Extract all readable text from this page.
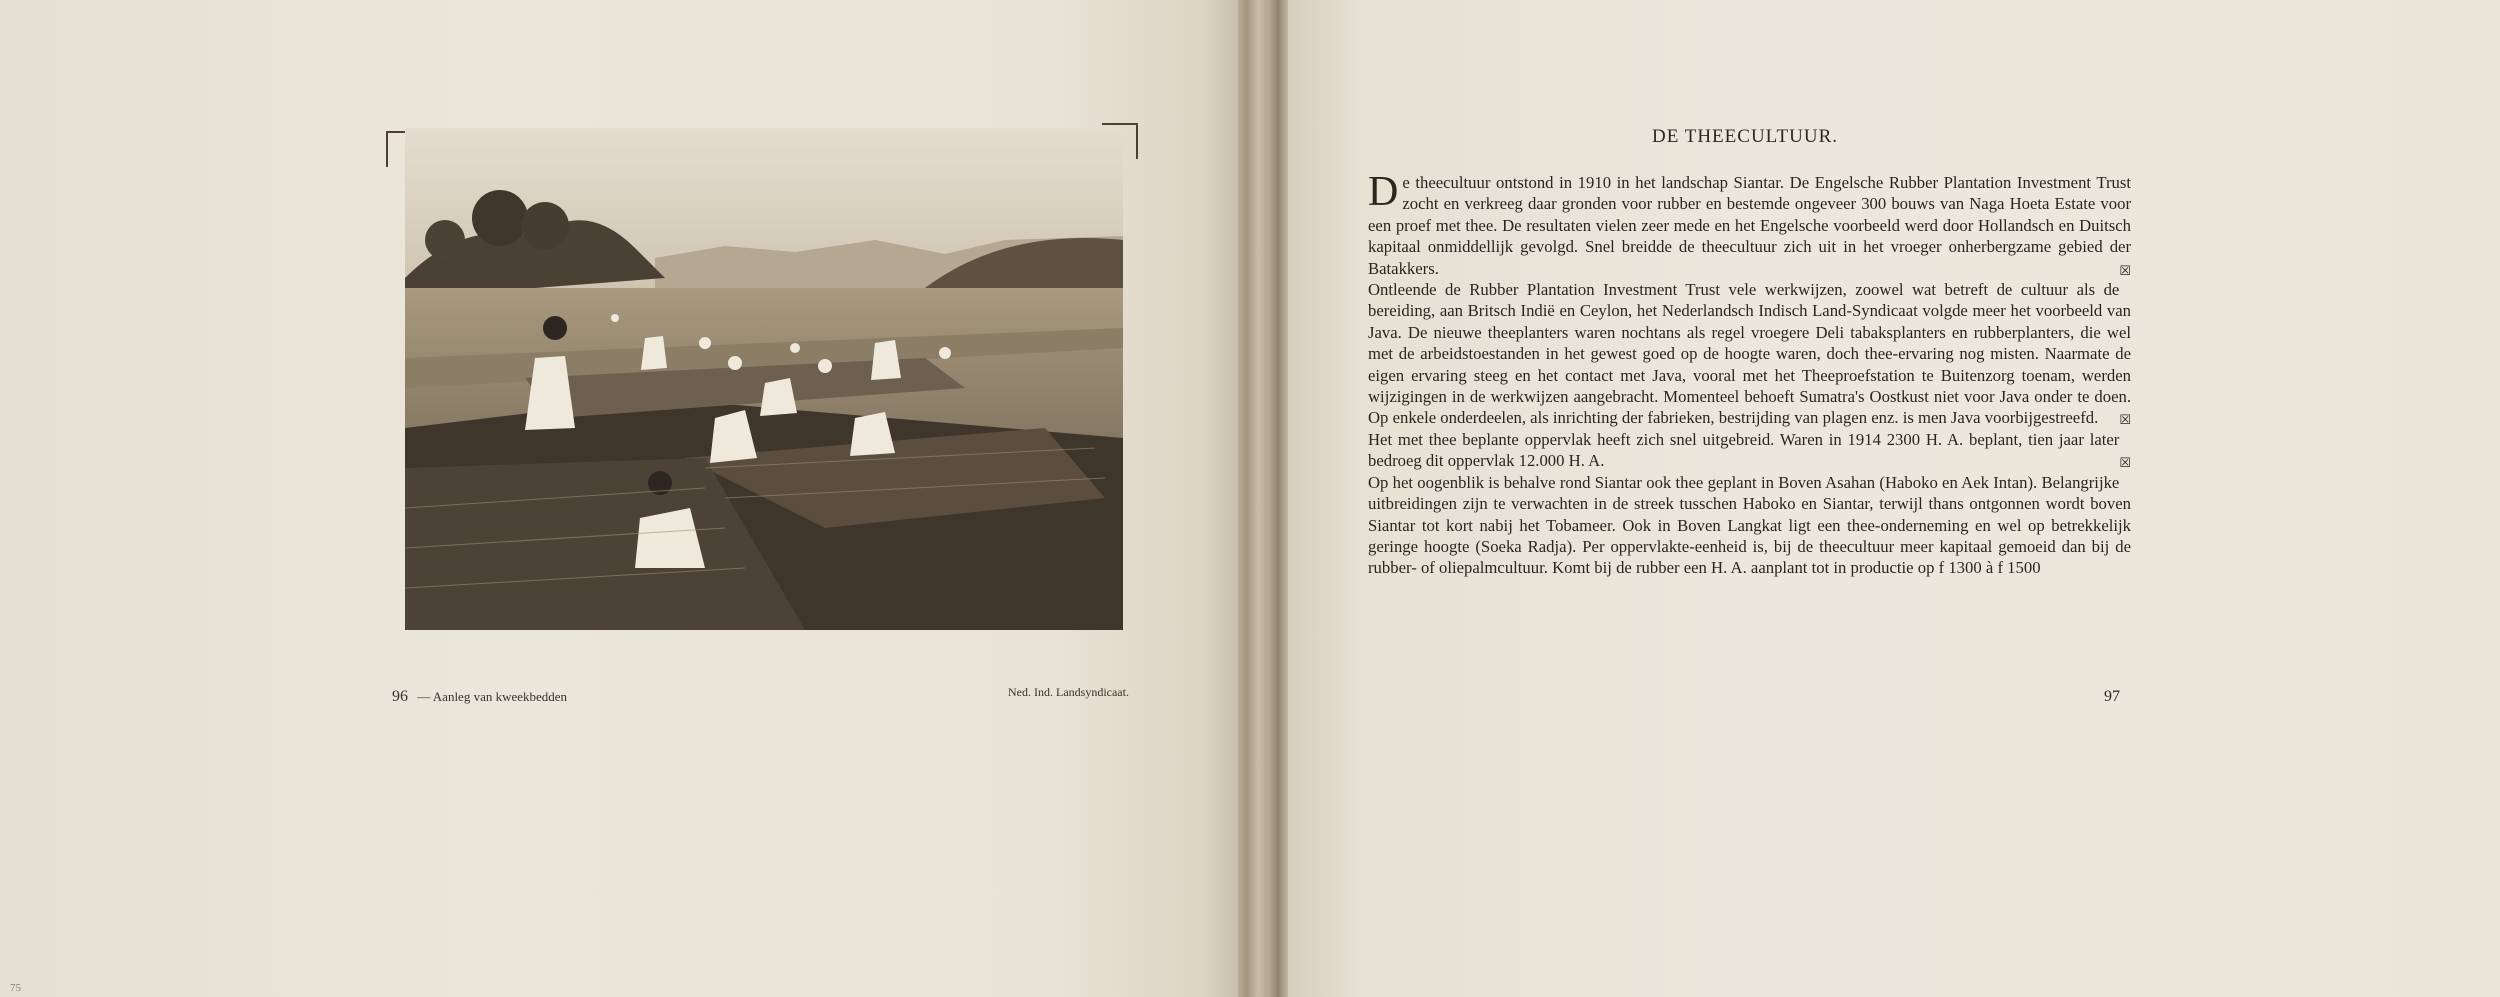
96 — Aanleg van kweekbedden	Ned. Ind. Landsyndicaat.
75
DE THEECULTUUR.

De theecultuur ontstond in 1910 in het landschap Siantar. De Engelsche Rubber Plantation Investment Trust zocht en verkreeg daar gronden voor rubber en bestemde ongeveer 300 bouws van Naga Hoeta Estate voor een proef met thee. De resultaten vielen zeer mede en het Engelsche voorbeeld werd door Hollandsch en Duitsch kapitaal onmiddellijk gevolgd. Snel breidde de theecultuur zich uit in het vroeger onherbergzame gebied der Batakkers.	☒

Ontleende de Rubber Plantation Investment Trust vele werkwijzen, zoowel wat betreft de cultuur als de bereiding, aan Britsch Indië en Ceylon, het Nederlandsch Indisch Land-Syndicaat volgde meer het voorbeeld van Java. De nieuwe theeplanters waren nochtans als regel vroegere Deli tabaksplanters en rubberplanters, die wel met de arbeidstoestanden in het gewest goed op de hoogte waren, doch thee-ervaring nog misten. Naarmate de eigen ervaring steeg en het contact met Java, vooral met het Theeproefstation te Buitenzorg toenam, werden wijzigingen in de werkwijzen aangebracht. Momenteel behoeft Sumatra's Oostkust niet voor Java onder te doen. Op enkele onderdeelen, als inrichting der fabrieken, bestrijding van plagen enz. is men Java voorbijgestreefd. ☒

Het met thee beplante oppervlak heeft zich snel uitgebreid. Waren in 1914 2300 H. A. beplant, tien jaar later bedroeg dit oppervlak 12.000 H. A.	☒

Op het oogenblik is behalve rond Siantar ook thee geplant in Boven Asahan (Haboko en Aek Intan). Belangrijke uitbreidingen zijn te verwachten in de streek tusschen Haboko en Siantar, terwijl thans ontgonnen wordt boven Siantar tot kort nabij het Tobameer. Ook in Boven Langkat ligt een thee-onderneming en wel op betrekkelijk geringe hoogte (Soeka Radja). Per oppervlakte-eenheid is, bij de theecultuur meer kapitaal gemoeid dan bij de rubber- of oliepalmcultuur. Komt bij de rubber een H. A. aanplant tot in productie op f 1300 à f 1500

97
